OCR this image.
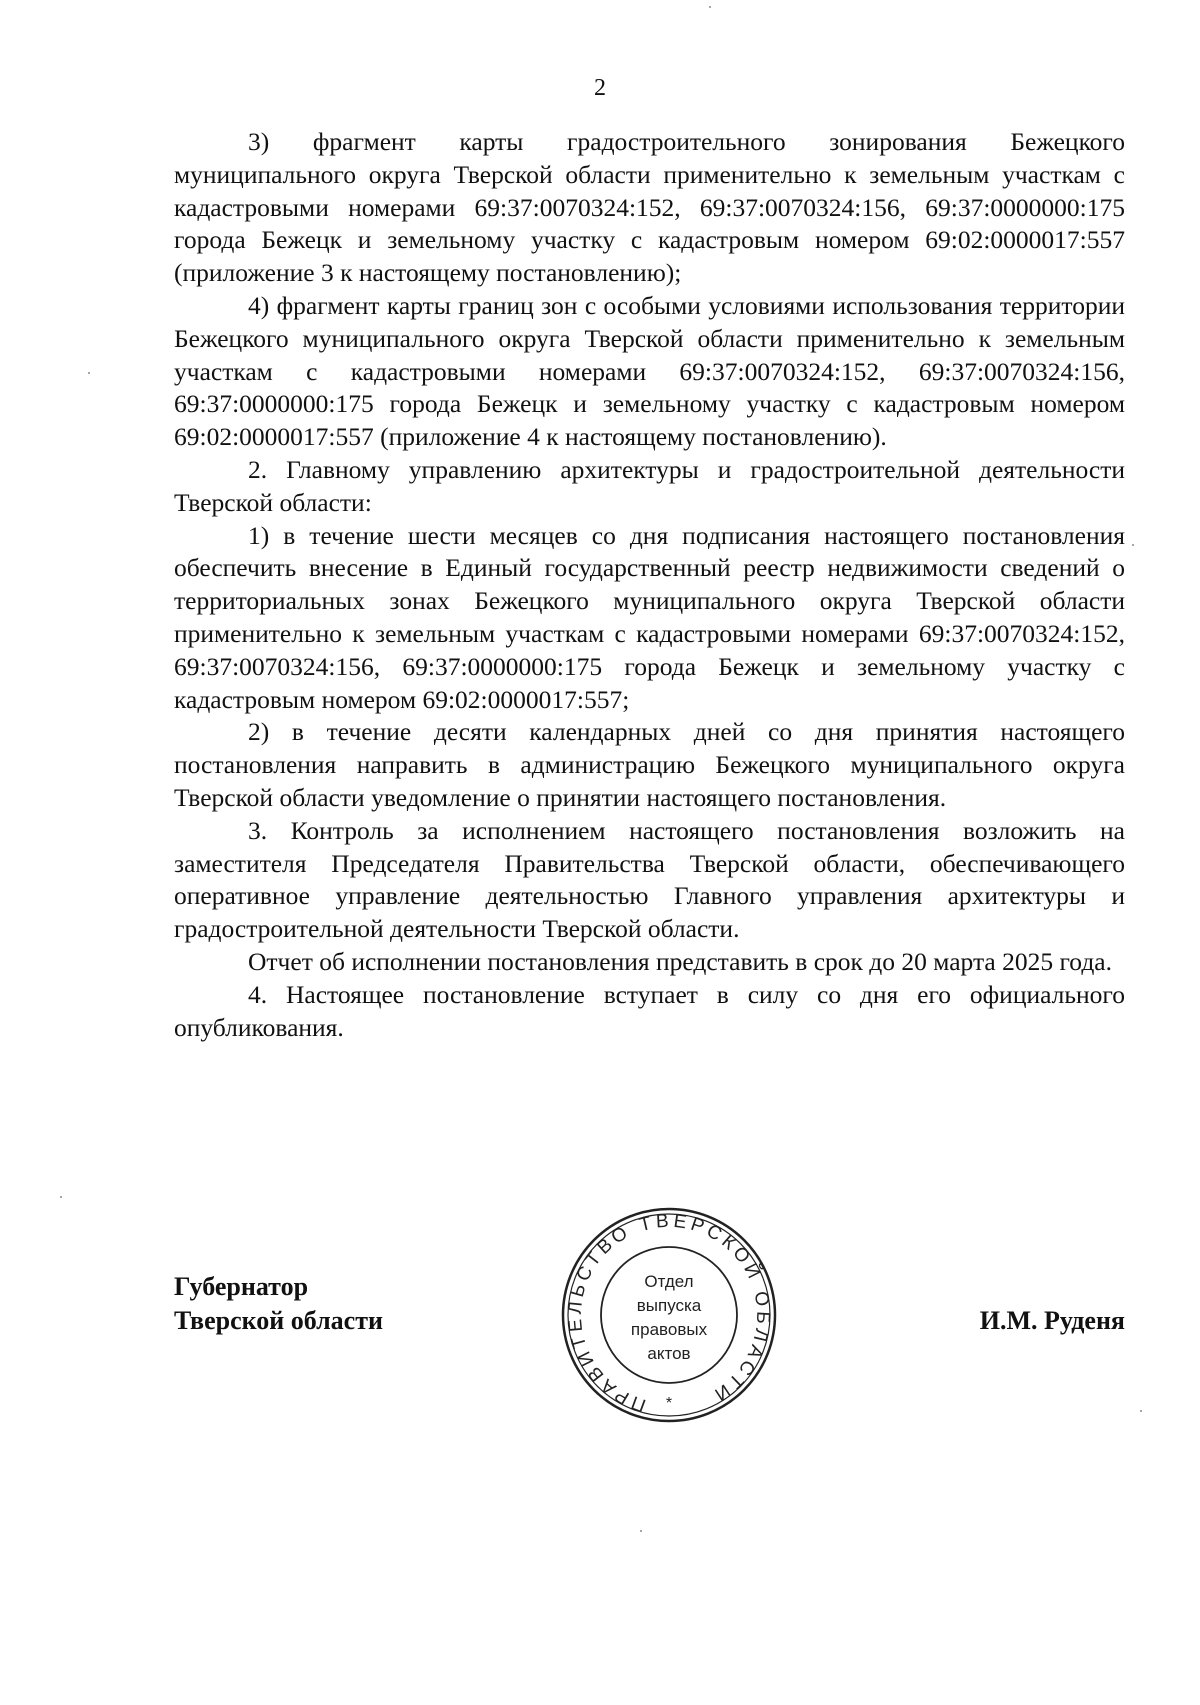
2

3) фрагмент карты градостроительного зонирования Бежецкого муниципального округа Тверской области применительно к земельным участкам с кадастровыми номерами 69:37:0070324:152, 69:37:0070324:156, 69:37:0000000:175 города Бежецк и земельному участку с кадастровым номером 69:02:0000017:557 (приложение 3 к настоящему постановлению);

4) фрагмент карты границ зон с особыми условиями использования территории Бежецкого муниципального округа Тверской области применительно к земельным участкам с кадастровыми номерами 69:37:0070324:152, 69:37:0070324:156, 69:37:0000000:175 города Бежецк и земельному участку с кадастровым номером 69:02:0000017:557 (приложение 4 к настоящему постановлению).

2. Главному управлению архитектуры и градостроительной деятельности Тверской области:

1) в течение шести месяцев со дня подписания настоящего постановления обеспечить внесение в Единый государственный реестр недвижимости сведений о территориальных зонах Бежецкого муниципального округа Тверской области применительно к земельным участкам с кадастровыми номерами 69:37:0070324:152, 69:37:0070324:156, 69:37:0000000:175 города Бежецк и земельному участку с кадастровым номером 69:02:0000017:557;

2) в течение десяти календарных дней со дня принятия настоящего постановления направить в администрацию Бежецкого муниципального округа Тверской области уведомление о принятии настоящего постановления.

3. Контроль за исполнением настоящего постановления возложить на заместителя Председателя Правительства Тверской области, обеспечивающего оперативное управление деятельностью Главного управления архитектуры и градостроительной деятельности Тверской области.

Отчет об исполнении постановления представить в срок до 20 марта 2025 года.

4. Настоящее постановление вступает в силу со дня его официального опубликования.

Губернатор
Тверской области	И.М. Руденя
ПРАВИТЕЛЬСТВО ТВЕРСКОЙ ОБЛАСТИ
*
Отдел
выпуска
правовых
актов
